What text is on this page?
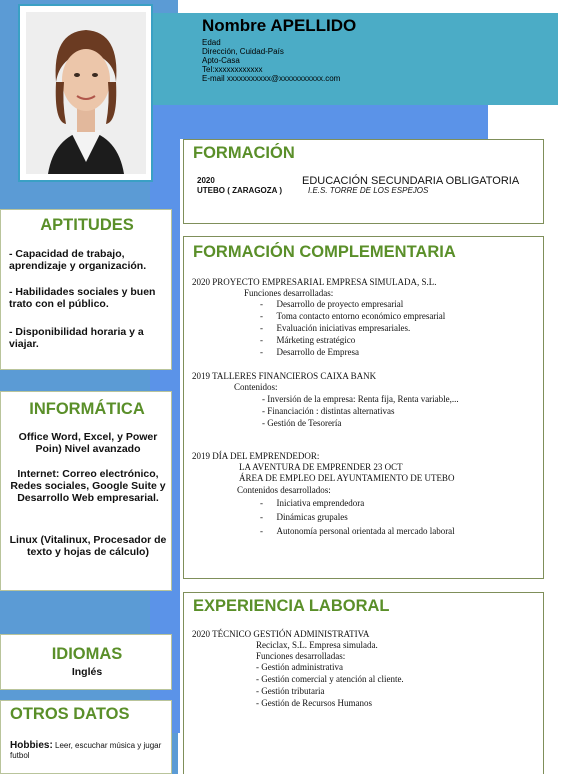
Nombre APELLIDO
Edad
Dirección, Cuidad-País
Apto-Casa
Tel:xxxxxxxxxxxx
E-mail xxxxxxxxxxx@xxxxxxxxxxx.com
FORMACIÓN
2020	EDUCACIÓN SECUNDARIA OBLIGATORIA
UTEBO ( ZARAGOZA )	I.E.S. TORRE DE LOS ESPEJOS
APTITUDES
- Capacidad de trabajo, aprendizaje y organización.
- Habilidades sociales y buen trato con el público.
- Disponibilidad horaria y a viajar.
INFORMÁTICA
Office Word, Excel, y Power Poin) Nivel avanzado
Internet: Correo electrónico, Redes sociales, Google Suite y Desarrollo Web empresarial.
Linux (Vitalinux, Procesador de texto y hojas de cálculo)
FORMACIÓN COMPLEMENTARIA
2020 PROYECTO EMPRESARIAL EMPRESA SIMULADA, S.L.
Funciones desarrolladas:
-      Desarrollo de proyecto empresarial
-      Toma contacto entorno económico empresarial
-      Evaluación iniciativas empresariales.
-      Márketing estratégico
-      Desarrollo de Empresa
2019 TALLERES FINANCIEROS CAIXA BANK
Contenidos:
- Inversión de la empresa: Renta fija, Renta variable,...
- Financiación : distintas alternativas
- Gestión de Tesorería
2019 DÍA DEL EMPRENDEDOR:
LA AVENTURA DE EMPRENDER 23 OCT
ÁREA DE EMPLEO DEL AYUNTAMIENTO DE UTEBO
Contenidos desarrollados:
-      Iniciativa emprendedora
-      Dinámicas grupales
-      Autonomía personal orientada al mercado laboral
IDIOMAS
Inglés
OTROS DATOS
Hobbies: Leer, escuchar música y jugar futbol
EXPERIENCIA LABORAL
2020 TÉCNICO GESTIÓN ADMINISTRATIVA
Reciclax, S.L. Empresa simulada.
Funciones desarrolladas:
- Gestión administrativa
- Gestión comercial y atención al cliente.
- Gestión tributaria
- Gestión de Recursos Humanos
